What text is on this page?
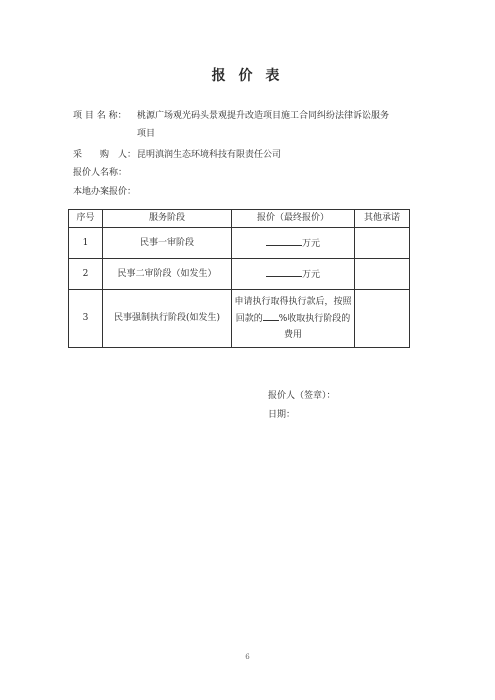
报 价 表
项 目 名 称： 桃源广场观光码头景观提升改造项目施工合同纠纷法律诉讼服务
项目
采　　购　人：昆明滇润生态环境科技有限责任公司
报价人名称：
本地办案报价：
序号	服务阶段	报价（最终报价）	其他承诺
1	民事一审阶段	万元	
2	民事二审阶段（如发生）	万元	
3	民事强制执行阶段(如发生)	申请执行取得执行款后，按照回款的 %收取执行阶段的费用	
报价人（签章）：
日期：
6
